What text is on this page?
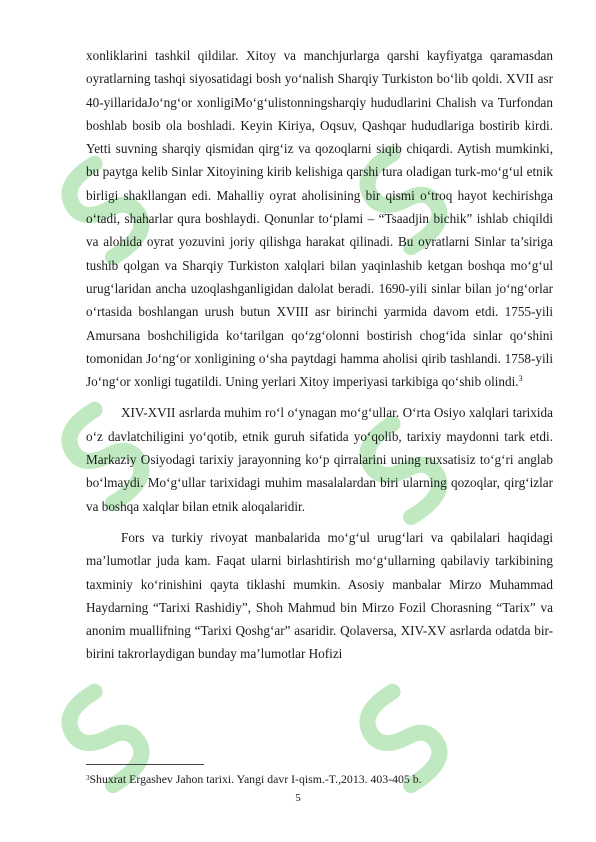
xonliklarini tashkil qildilar. Xitoy va manchjurlarga qarshi kayfiyatga qaramasdan oyratlarning tashqi siyosatidagi bosh yo‘nalish Sharqiy Turkiston bo‘lib qoldi. XVII asr 40-yillaridaJo‘ng‘or xonligiMo‘g‘ulistonningsharqiy hududlarini Chalish va Turfondan boshlab bosib ola boshladi. Keyin Kiriya, Oqsuv, Qashqar hududlariga bostirib kirdi. Yetti suvning sharqiy qismidan qirg‘iz va qozoqlarni siqib chiqardi. Aytish mumkinki, bu paytga kelib Sinlar Xitoyining kirib kelishiga qarshi tura oladigan turk-mo‘g‘ul etnik birligi shakllangan edi. Mahalliy oyrat aholisining bir qismi o‘troq hayot kechirishga o‘tadi, shaharlar qura boshlaydi. Qonunlar to‘plami – “Tsaadjin bichik” ishlab chiqildi va alohida oyrat yozuvini joriy qilishga harakat qilinadi. Bu oyratlarni Sinlar ta’siriga tushib qolgan va Sharqiy Turkiston xalqlari bilan yaqinlashib ketgan boshqa mo‘g‘ul urug‘laridan ancha uzoqlashganligidan dalolat beradi. 1690-yili sinlar bilan jo‘ng‘orlar o‘rtasida boshlangan urush butun XVIII asr birinchi yarmida davom etdi. 1755-yili Amursana boshchiligida ko‘tarilgan qo‘zg‘olonni bostirish chog‘ida sinlar qo‘shini tomonidan Jo‘ng‘or xonligining o‘sha paytdagi hamma aholisi qirib tashlandi. 1758-yili Jo‘ng‘or xonligi tugatildi. Uning yerlari Xitoy imperiyasi tarkibiga qo‘shib olindi.$^3$

XIV-XVII asrlarda muhim ro‘l o‘ynagan mo‘g‘ullar. O‘rta Osiyo xalqlari tarixida o‘z davlatchiligini yo‘qotib, etnik guruh sifatida yo‘qolib, tarixiy maydonni tark etdi. Markaziy Osiyodagi tarixiy jarayonning ko‘p qirralarini uning ruxsatisiz to‘g‘ri anglab bo‘lmaydi. Mo‘g‘ullar tarixidagi muhim masalalardan biri ularning qozoqlar, qirg‘izlar va boshqa xalqlar bilan etnik aloqalaridir.

Fors va turkiy rivoyat manbalarida mo‘g‘ul urug‘lari va qabilalari haqidagi ma’lumotlar juda kam. Faqat ularni birlashtirish mo‘g‘ullarning qabilaviy tarkibining taxminiy ko‘rinishini qayta tiklashi mumkin. Asosiy manbalar Mirzo Muhammad Haydarning “Tarixi Rashidiy”, Shoh Mahmud bin Mirzo Fozil Chorasning “Tarix” va anonim muallifning “Tarixi Qoshg‘ar” asaridir. Qolaversa, XIV-XV asrlarda odatda bir-birini takrorlaydigan bunday ma’lumotlar Hofizi

$^3$Shuxrat Ergashev Jahon tarixi. Yangi davr I-qism.-T.,2013. 403-405 b.
5
